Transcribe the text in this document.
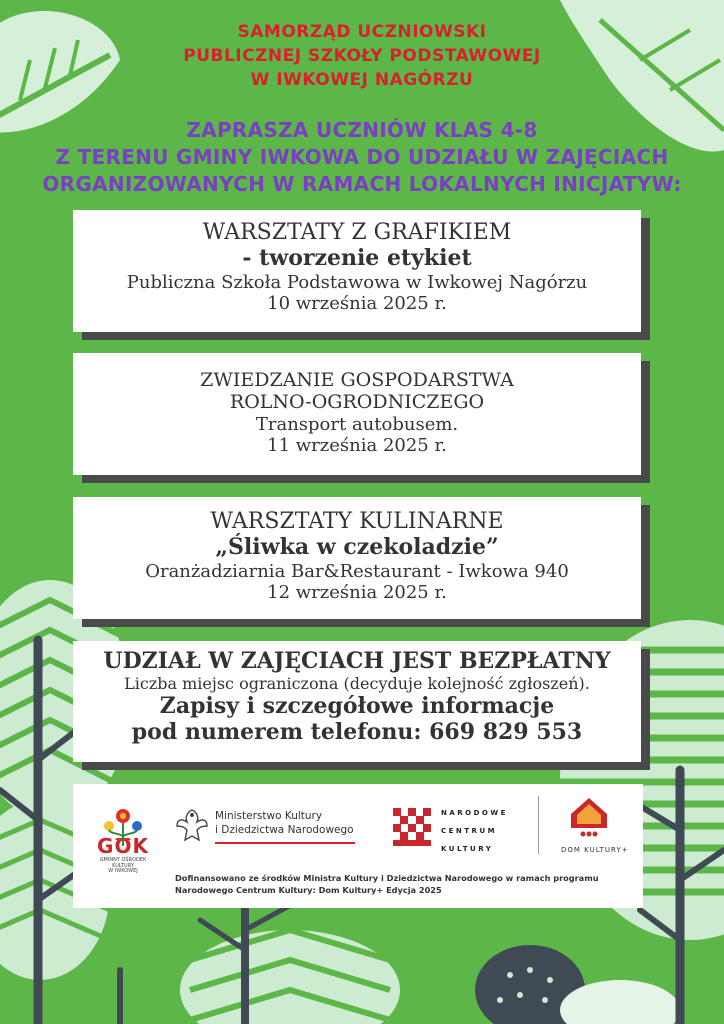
SAMORZĄD UCZNIOWSKI
PUBLICZNEJ SZKOŁY PODSTAWOWEJ
W IWKOWEJ NAGÓRZU
ZAPRASZA UCZNIÓW KLAS 4-8
Z TERENU GMINY IWKOWA DO UDZIAŁU W ZAJĘCIACH
ORGANIZOWANYCH W RAMACH LOKALNYCH INICJATYW:
WARSZTATY Z GRAFIKIEM
- tworzenie etykiet
Publiczna Szkoła Podstawowa w Iwkowej Nagórzu
10 września 2025 r.
ZWIEDZANIE GOSPODARSTWA
ROLNO-OGRODNICZEGO
Transport autobusem.
11 września 2025 r.
WARSZTATY KULINARNE
„Śliwka w czekoladzie”
Oranżadziarnia Bar&Restaurant - Iwkowa 940
12 września 2025 r.
UDZIAŁ W ZAJĘCIACH JEST BEZPŁATNY
Liczba miejsc ograniczona (decyduje kolejność zgłoszeń).
Zapisy i szczegółowe informacje
pod numerem telefonu: 669 829 553
GOK
GMINNY OŚRODEK
KULTURY
W IWKOWEJ
Ministerstwo Kultury
i Dziedzictwa Narodowego
NARODOWE
CENTRUM
KULTURY	DOM KULTURY+
Dofinansowano ze środków Ministra Kultury i Dziedzictwa Narodowego w ramach programu
Narodowego Centrum Kultury: Dom Kultury+ Edycja 2025
